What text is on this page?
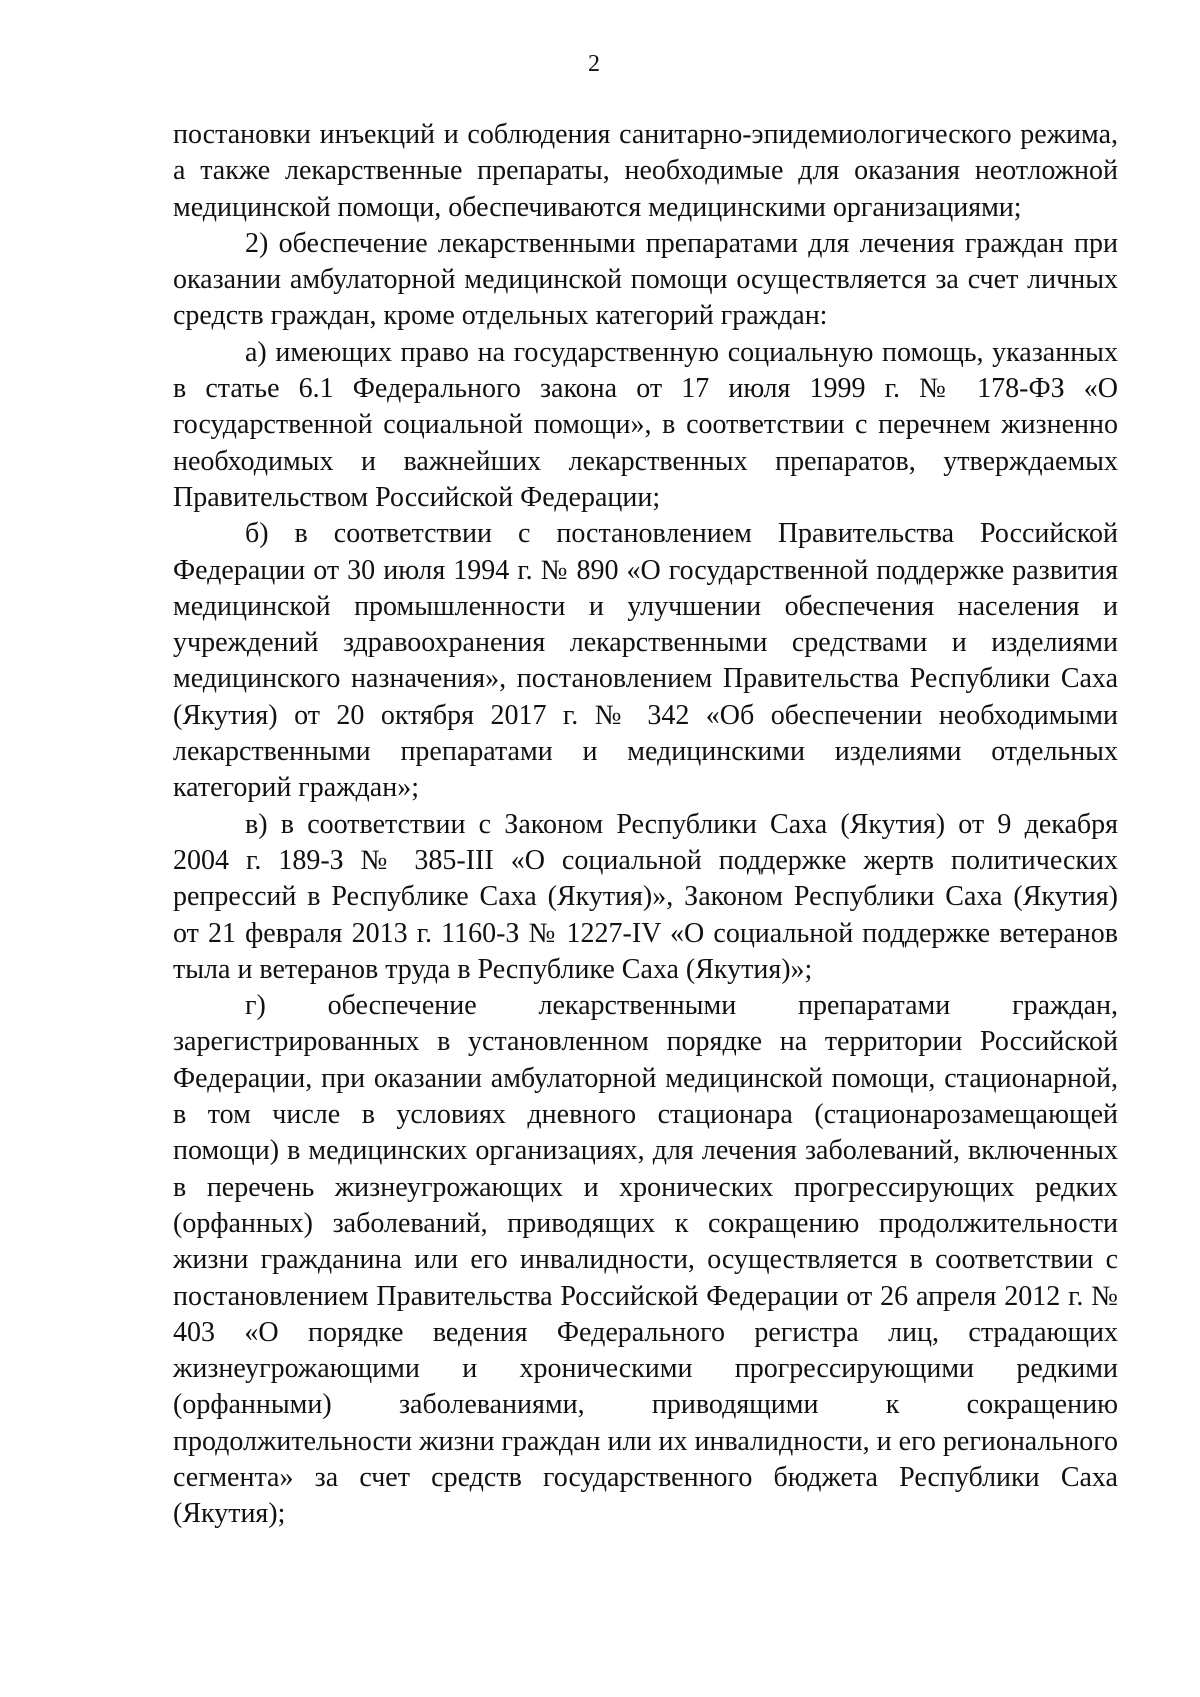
2

постановки инъекций и соблюдения санитарно-эпидемиологического режима, а также лекарственные препараты, необходимые для оказания неотложной медицинской помощи, обеспечиваются медицинскими организациями;

2) обеспечение лекарственными препаратами для лечения граждан при оказании амбулаторной медицинской помощи осуществляется за счет личных средств граждан, кроме отдельных категорий граждан:

а) имеющих право на государственную социальную помощь, указанных в статье 6.1 Федерального закона от 17 июля 1999 г. № 178-ФЗ «О государственной социальной помощи», в соответствии с перечнем жизненно необходимых и важнейших лекарственных препаратов, утверждаемых Правительством Российской Федерации;

б) в соответствии с постановлением Правительства Российской Федерации от 30 июля 1994 г. № 890 «О государственной поддержке развития медицинской промышленности и улучшении обеспечения населения и учреждений здравоохранения лекарственными средствами и изделиями медицинского назначения», постановлением Правительства Республики Саха (Якутия) от 20 октября 2017 г. № 342 «Об обеспечении необходимыми лекарственными препаратами и медицинскими изделиями отдельных категорий граждан»;

в) в соответствии с Законом Республики Саха (Якутия) от 9 декабря 2004 г. 189-З № 385-III «О социальной поддержке жертв политических репрессий в Республике Саха (Якутия)», Законом Республики Саха (Якутия) от 21 февраля 2013 г. 1160-З № 1227-IV «О социальной поддержке ветеранов тыла и ветеранов труда в Республике Саха (Якутия)»;

г) обеспечение лекарственными препаратами граждан, зарегистрированных в установленном порядке на территории Российской Федерации, при оказании амбулаторной медицинской помощи, стационарной, в том числе в условиях дневного стационара (стационарозамещающей помощи) в медицинских организациях, для лечения заболеваний, включенных в перечень жизнеугрожающих и хронических прогрессирующих редких (орфанных) заболеваний, приводящих к сокращению продолжительности жизни гражданина или его инвалидности, осуществляется в соответствии с постановлением Правительства Российской Федерации от 26 апреля 2012 г. № 403 «О порядке ведения Федерального регистра лиц, страдающих жизнеугрожающими и хроническими прогрессирующими редкими (орфанными) заболеваниями, приводящими к сокращению продолжительности жизни граждан или их инвалидности, и его регионального сегмента» за счет средств государственного бюджета Республики Саха (Якутия);
